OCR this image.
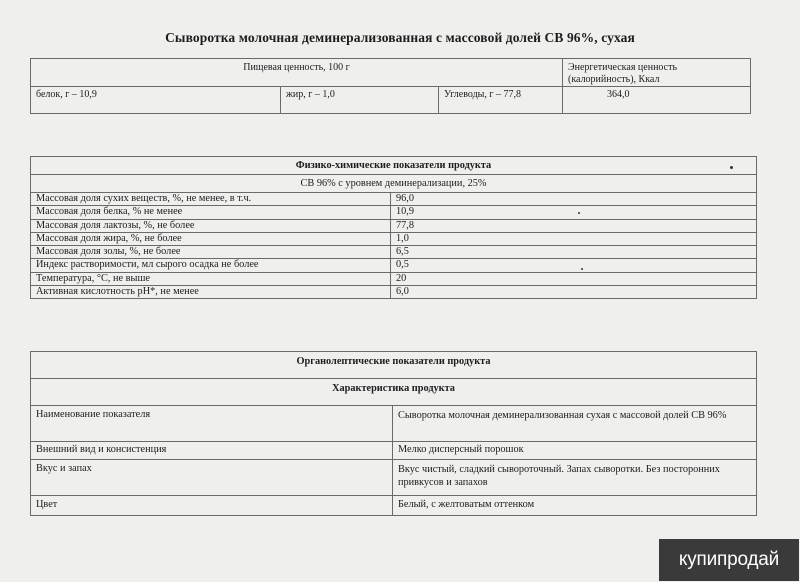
Сыворотка молочная деминерализованная с массовой долей СВ 96%, сухая
Пищевая ценность, 100 г			Энергетическая ценность (калорийность), Ккал
белок, г – 10,9	жир, г – 1,0	Углеводы, г – 77,8	364,0
Физико-химические показатели продукта	
СВ 96% с уровнем деминерализации, 25%	
Массовая доля сухих веществ, %, не менее, в т.ч.	96,0
Массовая доля белка, % не менее	10,9
Массовая доля лактозы, %, не более	77,8
Массовая доля жира, %, не более	1,0
Массовая доля золы, %, не более	6,5
Индекс растворимости, мл сырого осадка не более	0,5
Температура, °С, не выше	20
Активная кислотность рН*, не менее	6,0
Органолептические показатели продукта	
Характеристика продукта	
Наименование показателя	Сыворотка молочная деминерализованная сухая с массовой долей СВ 96%
Внешний вид и консистенция	Мелко дисперсный порошок
Вкус и запах	Вкус чистый, сладкий сывороточный. Запах сыворотки. Без посторонних привкусов и запахов
Цвет	Белый, с желтоватым оттенком
купипродай
